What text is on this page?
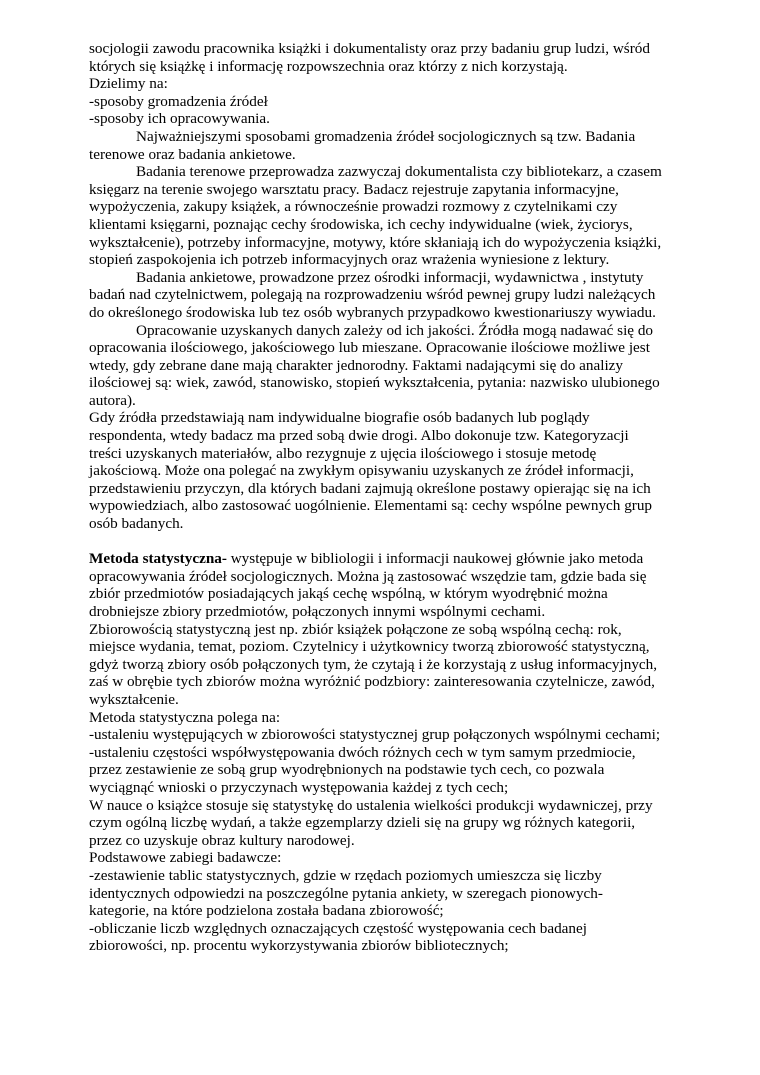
socjologii zawodu pracownika książki i dokumentalisty oraz przy badaniu grup ludzi, wśród
których się książkę i informację rozpowszechnia oraz którzy z nich korzystają.
Dzielimy na:
-sposoby gromadzenia źródeł
-sposoby ich opracowywania.
Najważniejszymi sposobami gromadzenia źródeł socjologicznych są tzw. Badania
terenowe oraz badania ankietowe.
Badania terenowe przeprowadza zazwyczaj dokumentalista czy bibliotekarz, a czasem
księgarz na terenie swojego warsztatu pracy. Badacz rejestruje zapytania informacyjne,
wypożyczenia, zakupy książek, a równocześnie prowadzi rozmowy z czytelnikami czy
klientami księgarni, poznając cechy środowiska, ich cechy indywidualne (wiek, życiorys,
wykształcenie), potrzeby informacyjne, motywy, które skłaniają ich do wypożyczenia książki,
stopień zaspokojenia ich potrzeb informacyjnych oraz wrażenia wyniesione z lektury.
Badania ankietowe, prowadzone przez ośrodki informacji, wydawnictwa , instytuty
badań nad czytelnictwem, polegają na rozprowadzeniu wśród pewnej grupy ludzi należących
do określonego środowiska lub tez osób wybranych przypadkowo kwestionariuszy wywiadu.
Opracowanie uzyskanych danych zależy od ich jakości. Źródła mogą nadawać się do
opracowania ilościowego, jakościowego lub mieszane. Opracowanie ilościowe możliwe jest
wtedy, gdy zebrane dane mają charakter jednorodny. Faktami nadającymi się do analizy
ilościowej są: wiek, zawód, stanowisko, stopień wykształcenia, pytania: nazwisko ulubionego
autora).
Gdy źródła przedstawiają nam indywidualne biografie osób badanych lub poglądy
respondenta, wtedy badacz ma przed sobą dwie drogi. Albo dokonuje tzw. Kategoryzacji
treści uzyskanych materiałów, albo rezygnuje z ujęcia ilościowego i stosuje metodę
jakościową. Może ona polegać na zwykłym opisywaniu uzyskanych ze źródeł informacji,
przedstawieniu przyczyn, dla których badani zajmują określone postawy opierając się na ich
wypowiedziach, albo zastosować uogólnienie. Elementami są: cechy wspólne pewnych grup
osób badanych.
Metoda statystyczna- występuje w bibliologii i informacji naukowej głównie jako metoda
opracowywania źródeł socjologicznych. Można ją zastosować wszędzie tam, gdzie bada się
zbiór przedmiotów posiadających jakąś cechę wspólną, w którym wyodrębnić można
drobniejsze zbiory przedmiotów, połączonych innymi wspólnymi cechami.
Zbiorowością statystyczną jest np. zbiór książek połączone ze sobą wspólną cechą: rok,
miejsce wydania, temat, poziom. Czytelnicy i użytkownicy tworzą zbiorowość statystyczną,
gdyż tworzą zbiory osób połączonych tym, że czytają i że korzystają z usług informacyjnych,
zaś w obrębie tych zbiorów można wyróżnić podzbiory: zainteresowania czytelnicze, zawód,
wykształcenie.
Metoda statystyczna polega na:
-ustaleniu występujących w zbiorowości statystycznej grup połączonych wspólnymi cechami;
-ustaleniu częstości współwystępowania dwóch różnych cech w tym samym przedmiocie,
przez zestawienie ze sobą grup wyodrębnionych na podstawie tych cech, co pozwala
wyciągnąć wnioski o przyczynach występowania każdej z tych cech;
W nauce o książce stosuje się statystykę do ustalenia wielkości produkcji wydawniczej, przy
czym ogólną liczbę wydań, a także egzemplarzy dzieli się na grupy wg różnych kategorii,
przez co uzyskuje obraz kultury narodowej.
Podstawowe zabiegi badawcze:
-zestawienie tablic statystycznych, gdzie w rzędach poziomych umieszcza się liczby
identycznych odpowiedzi na poszczególne pytania ankiety, w szeregach pionowych-
kategorie, na które podzielona została badana zbiorowość;
-obliczanie liczb względnych oznaczających częstość występowania cech badanej
zbiorowości, np. procentu wykorzystywania zbiorów bibliotecznych;
